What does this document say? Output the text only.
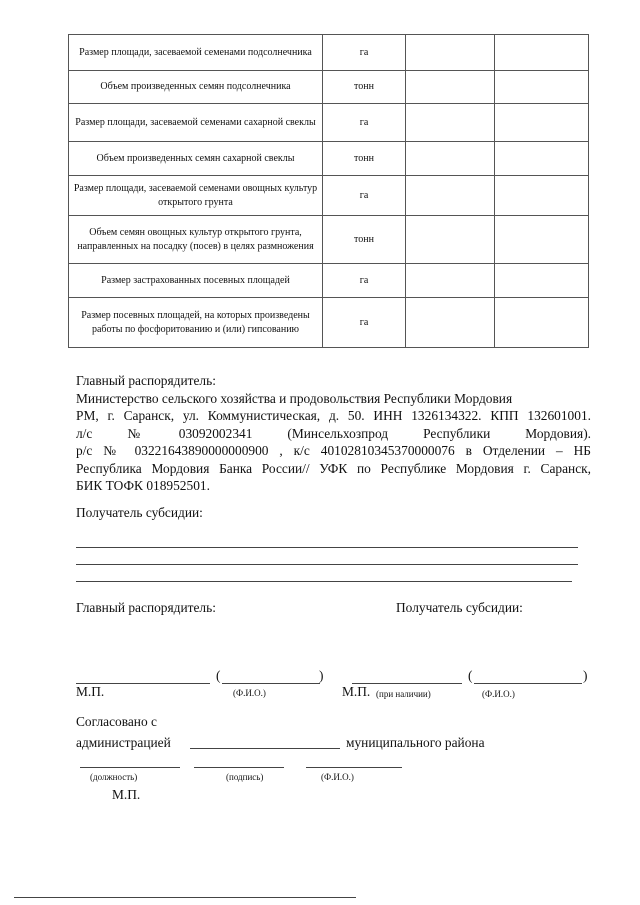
Размер площади, засеваемой семенами подсолнечника	га		
Объем произведенных семян подсолнечника	тонн		
Размер площади, засеваемой семенами сахарной свеклы	га		
Объем произведенных семян сахарной свеклы	тонн		
Размер площади, засеваемой семенами овощных культур открытого грунта	га		
Объем семян овощных культур открытого грунта, направленных на посадку (посев) в целях размножения	тонн		
Размер застрахованных посевных площадей	га		
Размер посевных площадей, на которых произведены работы по фосфоритованию и (или) гипсованию	га		
Главный распорядитель:
Министерство сельского хозяйства и продовольствия Республики Мордовия
РМ, г. Саранск, ул. Коммунистическая, д. 50. ИНН 1326134322. КПП 132601001.
л/с     №     03092002341     (Минсельхозпрод     Республики     Мордовия).
р/с № 03221643890000000900 , к/с 40102810345370000076 в Отделении – НБ
Республика Мордовия Банка России// УФК по Республике Мордовия г. Саранск,
БИК ТОФК 018952501.
Получатель субсидии:
Главный распорядитель:	Получатель субсидии:
(	)	(	)
М.П.	(Ф.И.О.)	М.П. (при наличии)	(Ф.И.О.)
Согласовано с
администрацией	муниципального района
(должность)	(подпись)	(Ф.И.О.)
М.П.
